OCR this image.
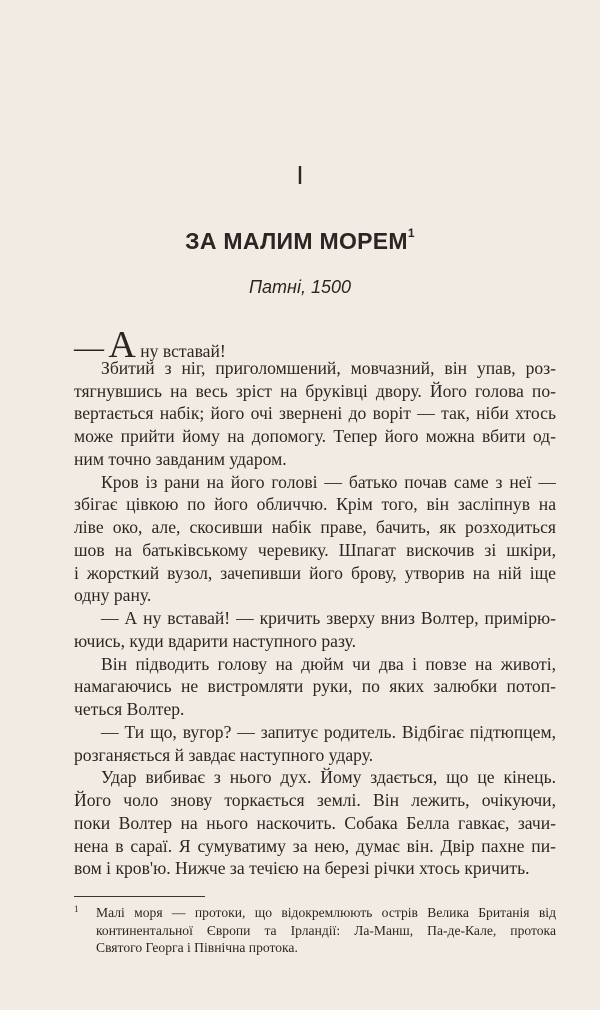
І
ЗА МАЛИМ МОРЕМ$^1$
Патні, 1500
— А ну вставай!
Збитий з ніг, приголомшений, мовчазний, він упав, роз-
тягнувшись на весь зріст на бруківці двору. Його голова по-
вертається набік; його очі звернені до воріт — так, ніби хтось
може прийти йому на допомогу. Тепер його можна вбити од-
ним точно завданим ударом.
Кров із рани на його голові — батько почав саме з неї —
збігає цівкою по його обличчю. Крім того, він засліпнув на
ліве око, але, скосивши набік праве, бачить, як розходиться
шов на батьківському черевику. Шпагат вискочив зі шкіри,
і жорсткий вузол, зачепивши його брову, утворив на ній іще
одну рану.
— А ну вставай! — кричить зверху вниз Волтер, примірю-
ючись, куди вдарити наступного разу.
Він підводить голову на дюйм чи два і повзе на животі,
намагаючись не вистромляти руки, по яких залюбки потоп-
четься Волтер.
— Ти що, вугор? — запитує родитель. Відбігає підтюпцем,
розганяється й завдає наступного удару.
Удар вибиває з нього дух. Йому здається, що це кінець.
Його чоло знову торкається землі. Він лежить, очікуючи,
поки Волтер на нього наскочить. Собака Белла гавкає, зачи-
нена в сараї. Я сумуватиму за нею, думає він. Двір пахне пи-
вом і кров'ю. Нижче за течією на березі річки хтось кричить.
1 Малі моря — протоки, що відокремлюють острів Велика Британія від
континентальної Європи та Ірландії: Ла-Манш, Па-де-Кале, протока
Святого Георга і Північна протока.
